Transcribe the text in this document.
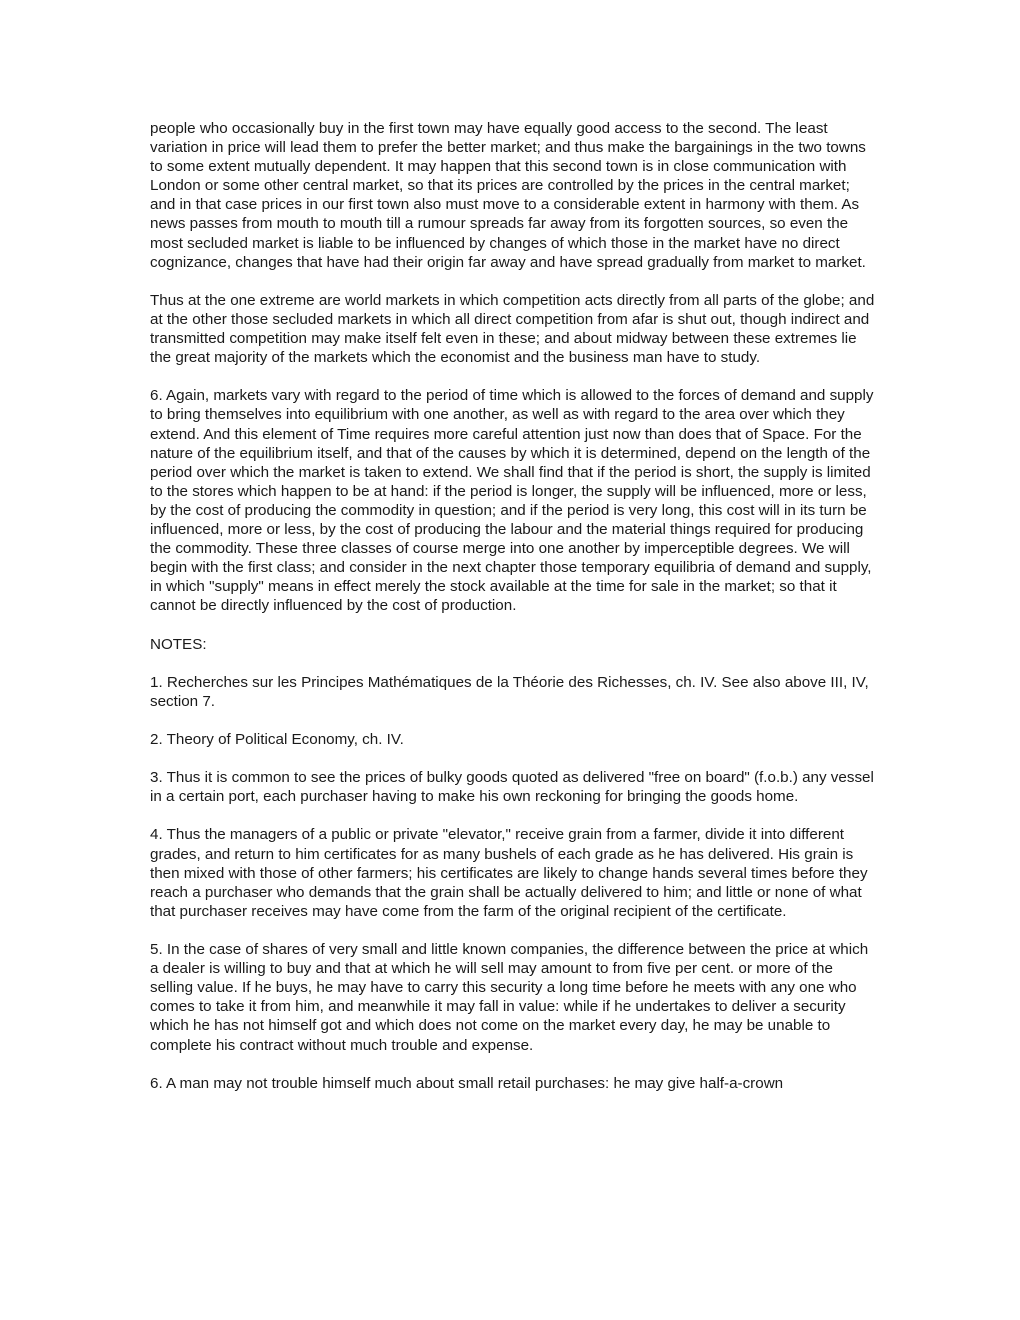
people who occasionally buy in the first town may have equally good access to the second. The least variation in price will lead them to prefer the better market; and thus make the bargainings in the two towns to some extent mutually dependent. It may happen that this second town is in close communication with London or some other central market, so that its prices are controlled by the prices in the central market; and in that case prices in our first town also must move to a considerable extent in harmony with them. As news passes from mouth to mouth till a rumour spreads far away from its forgotten sources, so even the most secluded market is liable to be influenced by changes of which those in the market have no direct cognizance, changes that have had their origin far away and have spread gradually from market to market.

Thus at the one extreme are world markets in which competition acts directly from all parts of the globe; and at the other those secluded markets in which all direct competition from afar is shut out, though indirect and transmitted competition may make itself felt even in these; and about midway between these extremes lie the great majority of the markets which the economist and the business man have to study.

6. Again, markets vary with regard to the period of time which is allowed to the forces of demand and supply to bring themselves into equilibrium with one another, as well as with regard to the area over which they extend. And this element of Time requires more careful attention just now than does that of Space. For the nature of the equilibrium itself, and that of the causes by which it is determined, depend on the length of the period over which the market is taken to extend. We shall find that if the period is short, the supply is limited to the stores which happen to be at hand: if the period is longer, the supply will be influenced, more or less, by the cost of producing the commodity in question; and if the period is very long, this cost will in its turn be influenced, more or less, by the cost of producing the labour and the material things required for producing the commodity. These three classes of course merge into one another by imperceptible degrees. We will begin with the first class; and consider in the next chapter those temporary equilibria of demand and supply, in which "supply" means in effect merely the stock available at the time for sale in the market; so that it cannot be directly influenced by the cost of production.

NOTES:

1. Recherches sur les Principes Mathématiques de la Théorie des Richesses, ch. IV. See also above III, IV, section 7.

2. Theory of Political Economy, ch. IV.

3. Thus it is common to see the prices of bulky goods quoted as delivered "free on board" (f.o.b.) any vessel in a certain port, each purchaser having to make his own reckoning for bringing the goods home.

4. Thus the managers of a public or private "elevator," receive grain from a farmer, divide it into different grades, and return to him certificates for as many bushels of each grade as he has delivered. His grain is then mixed with those of other farmers; his certificates are likely to change hands several times before they reach a purchaser who demands that the grain shall be actually delivered to him; and little or none of what that purchaser receives may have come from the farm of the original recipient of the certificate.

5. In the case of shares of very small and little known companies, the difference between the price at which a dealer is willing to buy and that at which he will sell may amount to from five per cent. or more of the selling value. If he buys, he may have to carry this security a long time before he meets with any one who comes to take it from him, and meanwhile it may fall in value: while if he undertakes to deliver a security which he has not himself got and which does not come on the market every day, he may be unable to complete his contract without much trouble and expense.

6. A man may not trouble himself much about small retail purchases: he may give half-a-crown
